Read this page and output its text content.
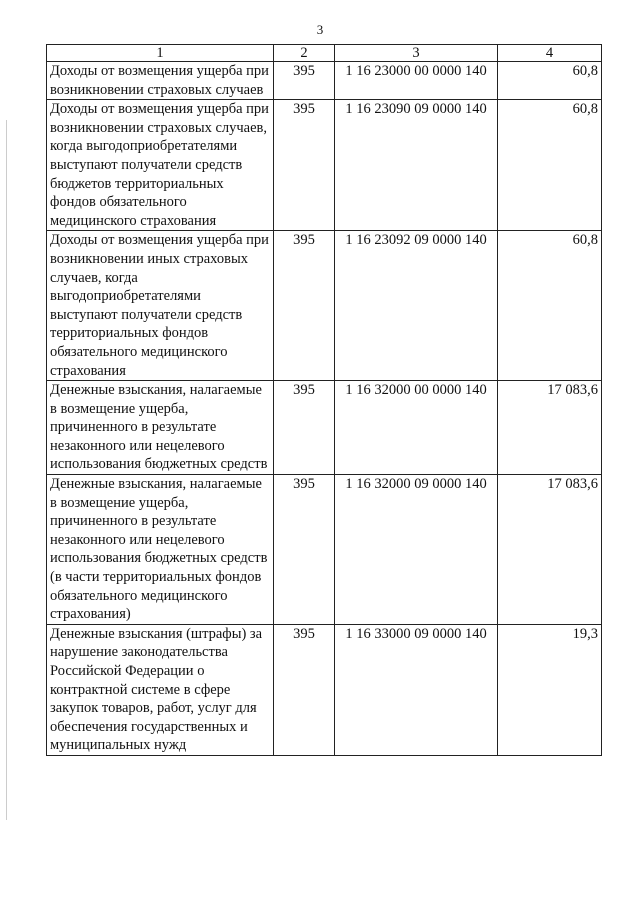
3
1	2	3	4
Доходы от возмещения ущерба при возникновении страховых случаев	395	1 16 23000 00 0000 140	60,8
Доходы от возмещения ущерба при возникновении страховых случаев, когда выгодоприобретателями выступают получатели средств бюджетов территориальных фондов обязательного медицинского страхования	395	1 16 23090 09 0000 140	60,8
Доходы от возмещения ущерба при возникновении иных страховых случаев, когда выгодоприобретателями выступают получатели средств территориальных фондов обязательного медицинского страхования	395	1 16 23092 09 0000 140	60,8
Денежные взыскания, налагаемые в возмещение ущерба, причиненного в результате незаконного или нецелевого использования бюджетных средств	395	1 16 32000 00 0000 140	17 083,6
Денежные взыскания, налагаемые в возмещение ущерба, причиненного в результате незаконного или нецелевого использования бюджетных средств (в части территориальных фондов обязательного медицинского страхования)	395	1 16 32000 09 0000 140	17 083,6
Денежные взыскания (штрафы) за нарушение законодательства Российской Федерации о контрактной системе в сфере закупок товаров, работ, услуг для обеспечения государственных и муниципальных нужд	395	1 16 33000 09 0000 140	19,3
